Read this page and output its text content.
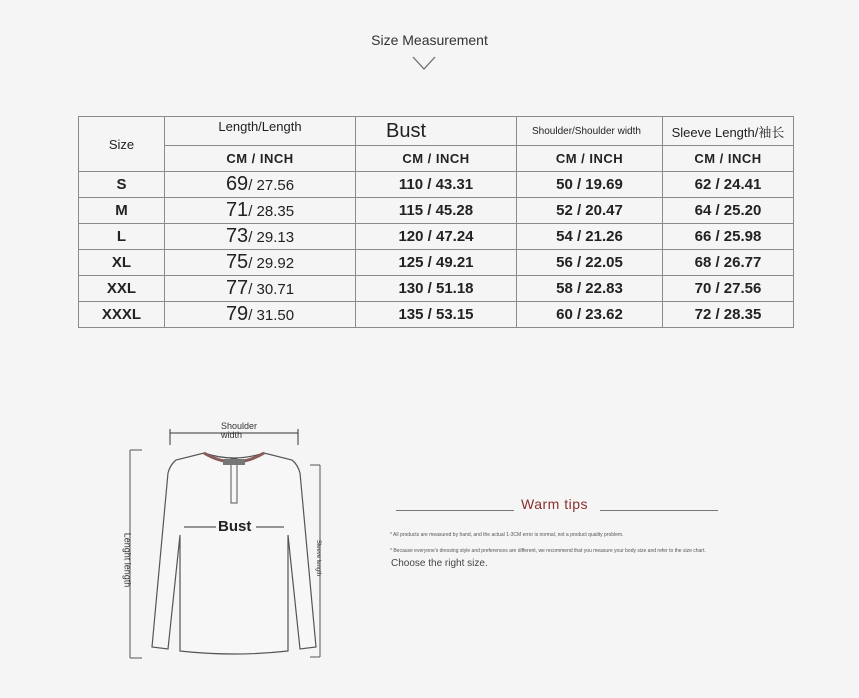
Size Measurement
Size	Length/Length	Bust	Shoulder/Shoulder width	Sleeve Length/袖长
	CM / INCH	CM / INCH	CM / INCH	CM / INCH
S	69/ 27.56	110 / 43.31	50 / 19.69	62 / 24.41
M	71/ 28.35	115 / 45.28	52 / 20.47	64 / 25.20
L	73/ 29.13	120 / 47.24	54 / 21.26	66 / 25.98
XL	75/ 29.92	125 / 49.21	56 / 22.05	68 / 26.77
XXL	77/ 30.71	130 / 51.18	58 / 22.83	70 / 27.56
XXXL	79/ 31.50	135 / 53.15	60 / 23.62	72 / 28.35
Shoulder
width
Bust
Lenght length	Sleeve length
Warm tips
* All products are measured by hand, and the actual 1-3CM error is normal, not a product quality problem.
* Because everyone's dressing style and preferences are different, we recommend that you measure your body size and refer to the size chart.
Choose the right size.
